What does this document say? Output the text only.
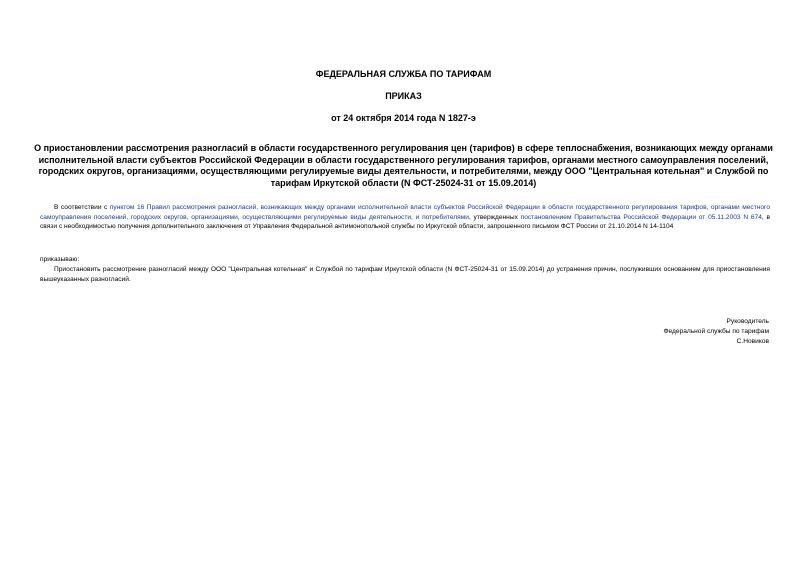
ФЕДЕРАЛЬНАЯ СЛУЖБА ПО ТАРИФАМ
ПРИКАЗ
от 24 октября 2014 года N 1827-э
О приостановлении рассмотрения разногласий в области государственного регулирования цен (тарифов) в сфере теплоснабжения, возникающих между органами исполнительной власти субъектов Российской Федерации в области государственного регулирования тарифов, органами местного самоуправления поселений, городских округов, организациями, осуществляющими регулируемые виды деятельности, и потребителями, между ООО "Центральная котельная" и Службой по тарифам Иркутской области (N ФСТ-25024-31 от 15.09.2014)
В соответствии с пунктом 16 Правил рассмотрения разногласий, возникающих между органами исполнительной власти субъектов Российской Федерации в области государственного регулирования тарифов, органами местного самоуправления поселений, городских округов, организациями, осуществляющими регулируемые виды деятельности, и потребителями, утвержденных постановлением Правительства Российской Федерации от 05.11.2003 N 674, в связи с необходимостью получения дополнительного заключения от Управления Федеральной антимонопольной службы по Иркутской области, запрошенного письмом ФСТ России от 21.10.2014 N 14-1104
приказываю:
Приостановить рассмотрение разногласий между ООО "Центральная котельная" и Службой по тарифам Иркутской области (N ФСТ-25024-31 от 15.09.2014) до устранения причин, послуживших основанием для приостановления вышеуказанных разногласий.
Руководитель
Федеральной службы по тарифам
С.Новиков
